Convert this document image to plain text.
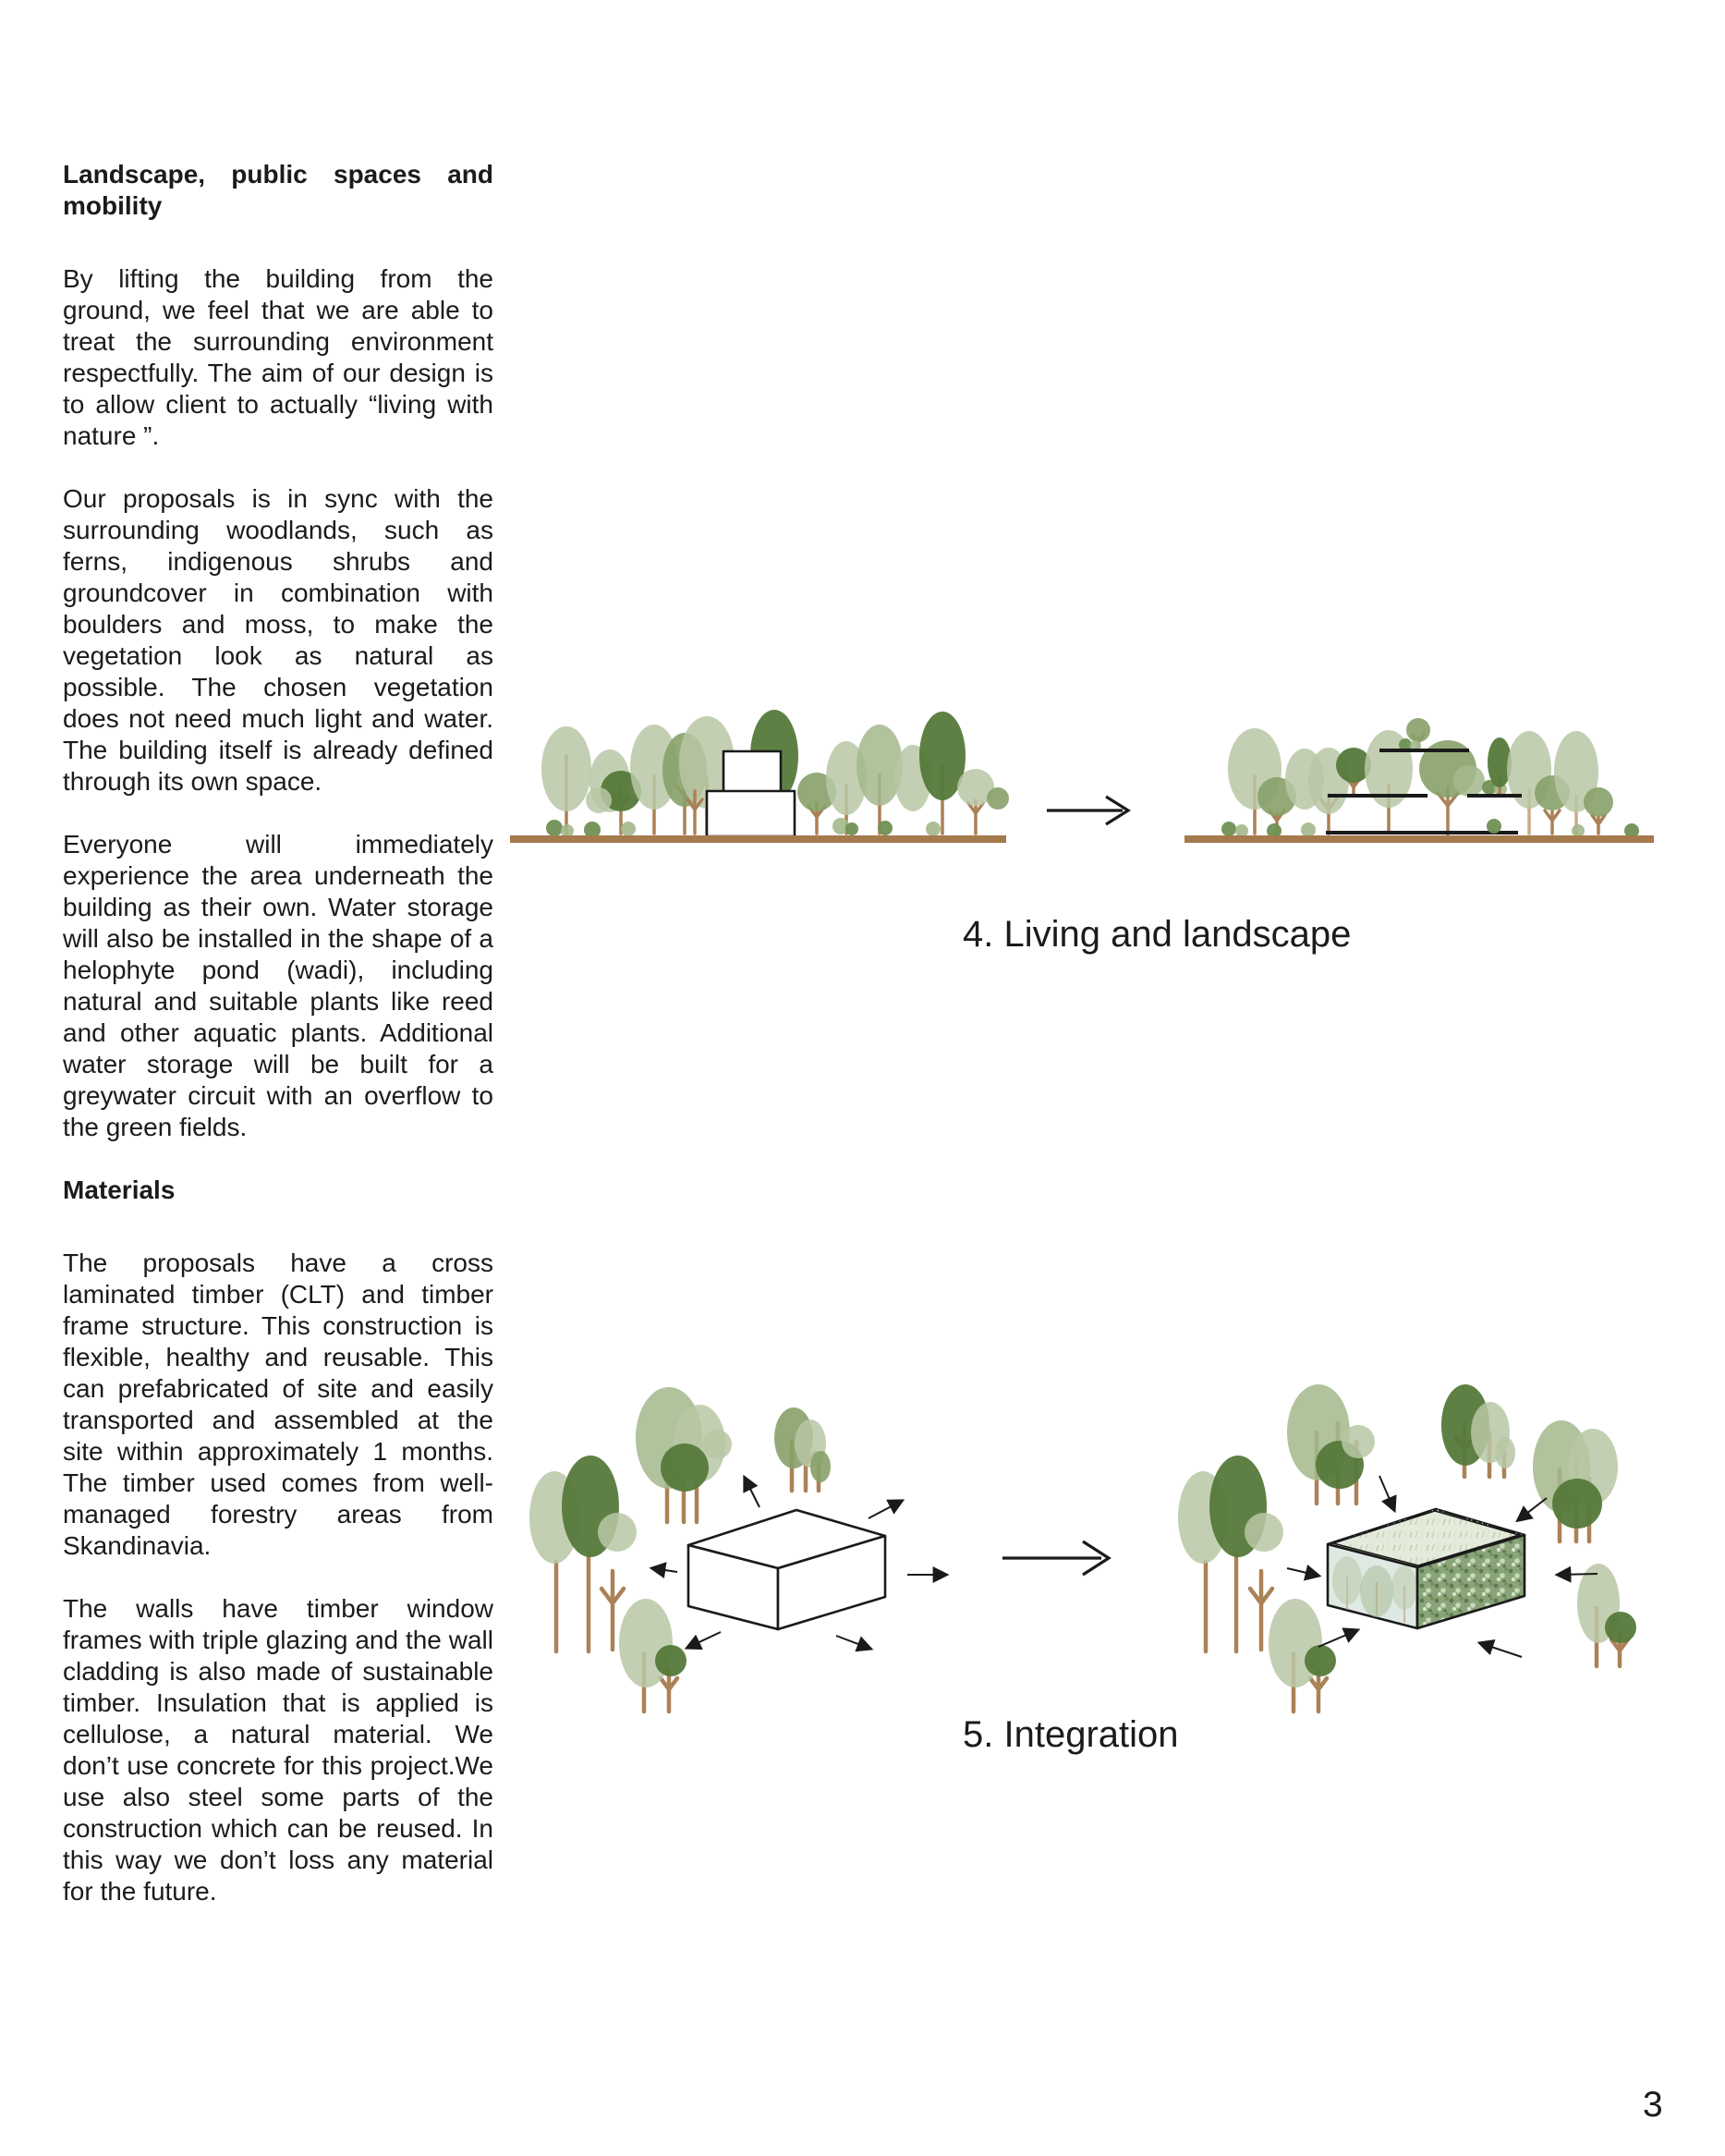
Landscape, public spaces and mobility

By lifting the building from the ground, we feel that we are able to treat the surrounding environment respectfully. The aim of our design is to allow client to actually “living with nature ”.

Our proposals is in sync with the surrounding woodlands, such as ferns, indigenous shrubs and groundcover in combination with boulders and moss, to make the vegetation look as natural as possible. The chosen vegetation does not need much light and water. The building itself is already defined through its own space.

Everyone will immediately experience the area underneath the building as their own. Water storage will also be installed in the shape of a helophyte pond (wadi), including natural and suitable plants like reed and other aquatic plants. Additional water storage will be built for a greywater circuit with an overflow to the green fields.

Materials

The proposals have a cross laminated timber (CLT) and timber frame structure. This construction is flexible, healthy and reusable. This can prefabricated of site and easily transported and assembled at the site within approximately 1 months. The timber used comes from well-managed forestry areas from Skandinavia.

The walls have timber window frames with triple glazing and the wall cladding is also made of sustainable timber. Insulation that is applied is cellulose, a natural material. We don’t use concrete for this project.We use also steel some parts of the construction which can be reused. In this way we don’t loss any material for the future.

4. Living and landscape
5. Integration
3
